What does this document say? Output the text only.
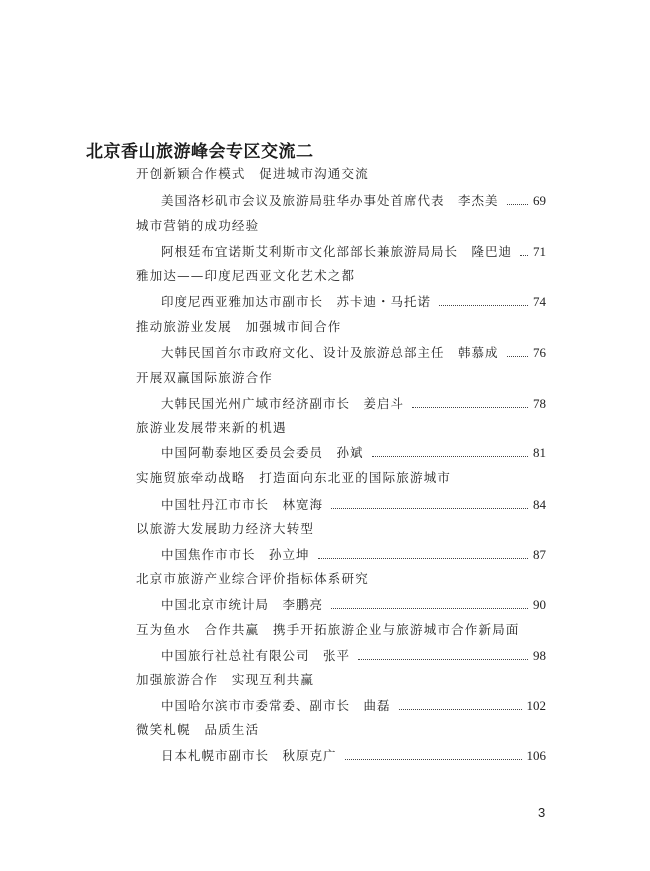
北京香山旅游峰会专区交流二
开创新颖合作模式　促进城市沟通交流
美国洛杉矶市会议及旅游局驻华办事处首席代表　李杰美	69
城市营销的成功经验
阿根廷布宜诺斯艾利斯市文化部部长兼旅游局局长　隆巴迪 71
雅加达——印度尼西亚文化艺术之都
印度尼西亚雅加达市副市长　苏卡迪・马托诺	74
推动旅游业发展　加强城市间合作
大韩民国首尔市政府文化、设计及旅游总部主任　韩慕成	76
开展双赢国际旅游合作
大韩民国光州广域市经济副市长　姜启斗	78
旅游业发展带来新的机遇
中国阿勒泰地区委员会委员　孙斌	81
实施贸旅牵动战略　打造面向东北亚的国际旅游城市
中国牡丹江市市长　林宽海	84
以旅游大发展助力经济大转型
中国焦作市市长　孙立坤	87
北京市旅游产业综合评价指标体系研究
中国北京市统计局　李鹏亮	90
互为鱼水　合作共赢　携手开拓旅游企业与旅游城市合作新局面
中国旅行社总社有限公司　张平	98
加强旅游合作　实现互利共赢
中国哈尔滨市市委常委、副市长　曲磊	102
微笑札幌　品质生活
日本札幌市副市长　秋原克广	106
3
